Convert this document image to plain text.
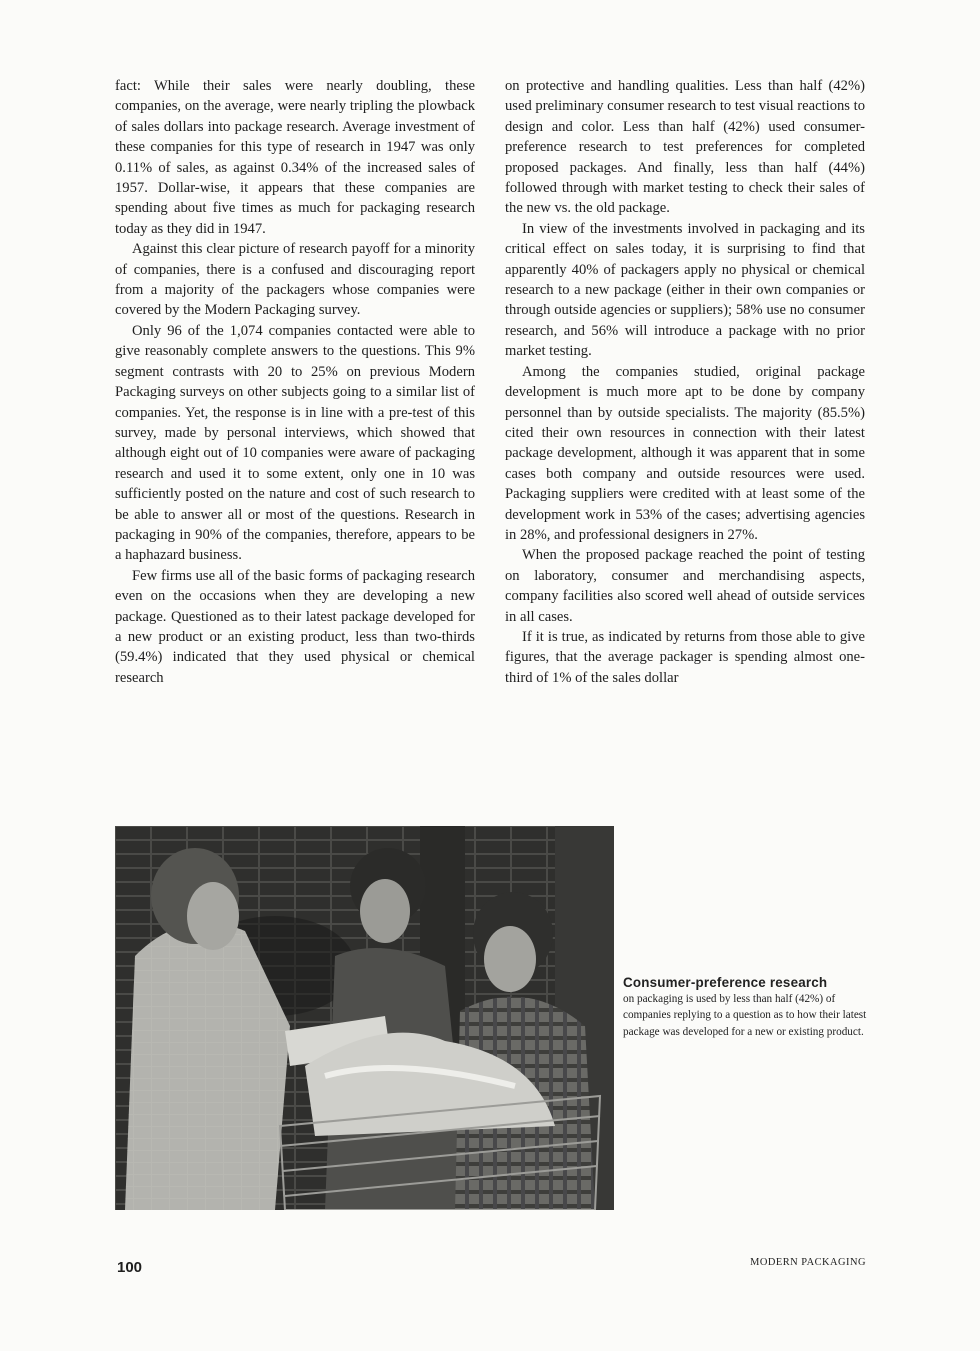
fact: While their sales were nearly doubling, these companies, on the average, were nearly tripling the plowback of sales dollars into package research. Average investment of these companies for this type of research in 1947 was only 0.11% of sales, as against 0.34% of the increased sales of 1957. Dollar-wise, it appears that these companies are spending about five times as much for packaging research today as they did in 1947.

Against this clear picture of research payoff for a minority of companies, there is a confused and discouraging report from a majority of the packagers whose companies were covered by the Modern Packaging survey.

Only 96 of the 1,074 companies contacted were able to give reasonably complete answers to the questions. This 9% segment contrasts with 20 to 25% on previous Modern Packaging surveys on other subjects going to a similar list of companies. Yet, the response is in line with a pre-test of this survey, made by personal interviews, which showed that although eight out of 10 companies were aware of packaging research and used it to some extent, only one in 10 was sufficiently posted on the nature and cost of such research to be able to answer all or most of the questions. Research in packaging in 90% of the companies, therefore, appears to be a haphazard business.

Few firms use all of the basic forms of packaging research even on the occasions when they are developing a new package. Questioned as to their latest package developed for a new product or an existing product, less than two-thirds (59.4%) indicated that they used physical or chemical research

on protective and handling qualities. Less than half (42%) used preliminary consumer research to test visual reactions to design and color. Less than half (42%) used consumer-preference research to test preferences for completed proposed packages. And finally, less than half (44%) followed through with market testing to check their sales of the new vs. the old package.

In view of the investments involved in packaging and its critical effect on sales today, it is surprising to find that apparently 40% of packagers apply no physical or chemical research to a new package (either in their own companies or through outside agencies or suppliers); 58% use no consumer research, and 56% will introduce a package with no prior market testing.

Among the companies studied, original package development is much more apt to be done by company personnel than by outside specialists. The majority (85.5%) cited their own resources in connection with their latest package development, although it was apparent that in some cases both company and outside resources were used. Packaging suppliers were credited with at least some of the development work in 53% of the cases; advertising agencies in 28%, and professional designers in 27%.

When the proposed package reached the point of testing on laboratory, consumer and merchandising aspects, company facilities also scored well ahead of outside services in all cases.

If it is true, as indicated by returns from those able to give figures, that the average packager is spending almost one-third of 1% of the sales dollar

Consumer-preference research
on packaging is used by less than half (42%) of companies replying to a question as to how their latest package was developed for a new or existing product.
100	MODERN PACKAGING
